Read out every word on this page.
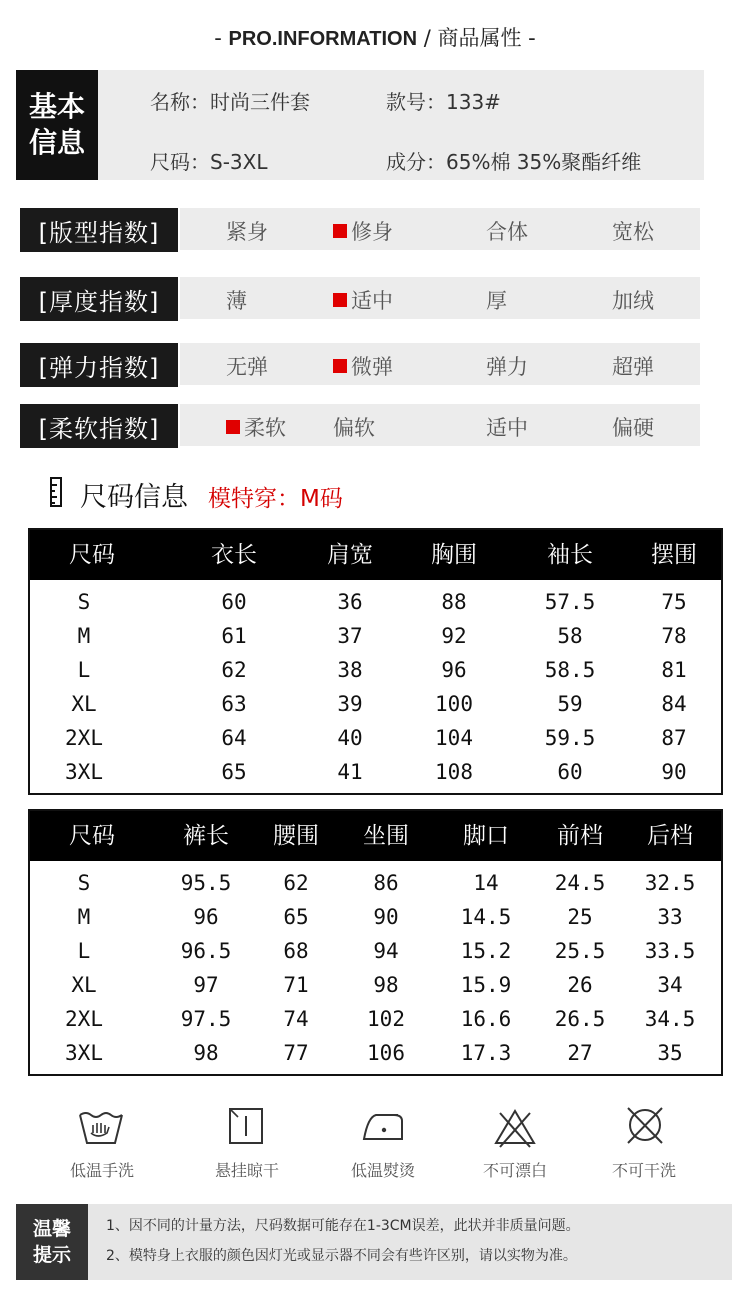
- PRO.INFORMATION / 商品属性 -
基本
信息
名称：时尚三件套	款号：133#
尺码：S-3XL	成分：65%棉 35%聚酯纤维
[版型指数]	紧身	修身	合体	宽松
[厚度指数]	薄	适中	厚	加绒
[弹力指数]	无弹	微弹	弹力	超弹
[柔软指数]	柔软 偏软	适中	偏硬
尺码信息 模特穿：M码
尺码	衣长	肩宽	胸围	袖长	摆围
S	60	36	88	57.5	75
M	61	37	92	58	78
L	62	38	96	58.5	81
XL	63	39	100	59	84
2XL	64	40	104	59.5	87
3XL	65	41	108	60	90
尺码	裤长 腰围 坐围 脚口 前档 后档
S	95.5 62	86	14	24.5 32.5
M	96	65	90	14.5	25	33
L	96.5 68	94	15.2 25.5 33.5
XL	97	71	98	15.9	26	34
2XL	97.5 74	102	16.6 26.5 34.5
3XL	98	77	106	17.3	27	35
低温手洗	悬挂晾干	低温熨烫	不可漂白	不可干洗
温馨
提示
1、因不同的计量方法，尺码数据可能存在1-3CM误差，此状并非质量问题。
2、模特身上衣服的颜色因灯光或显示器不同会有些许区别，请以实物为准。
